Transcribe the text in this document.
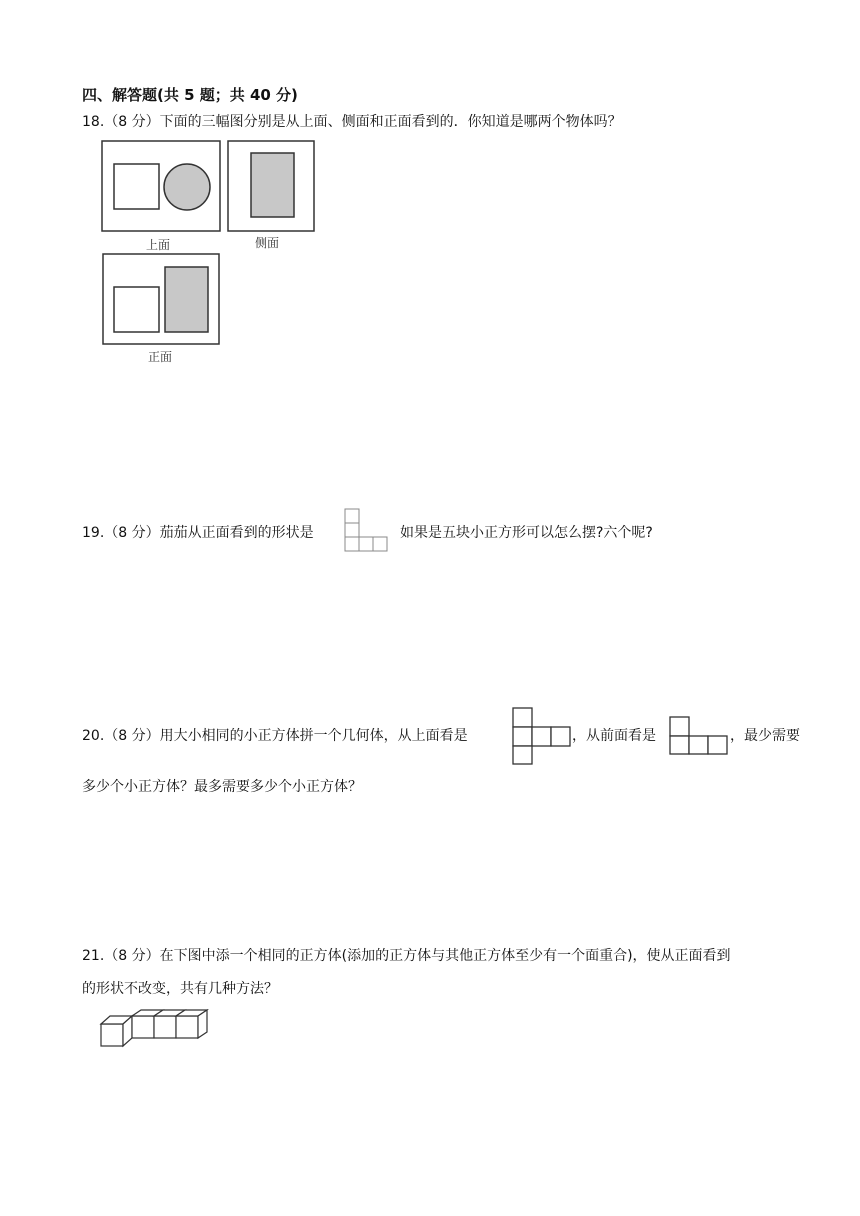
四、解答题(共 5 题；共 40 分)
18.（8 分）下面的三幅图分别是从上面、侧面和正面看到的．你知道是哪两个物体吗？
上面	侧面
正面
19.（8 分）茄茄从正面看到的形状是	如果是五块小正方形可以怎么摆?六个呢?
20.（8 分）用大小相同的小正方体拼一个几何体，从上面看是	，从前面看是	，最少需要
多少个小正方体？最多需要多少个小正方体？
21.（8 分）在下图中添一个相同的正方体(添加的正方体与其他正方体至少有一个面重合)，使从正面看到
的形状不改变，共有几种方法？
